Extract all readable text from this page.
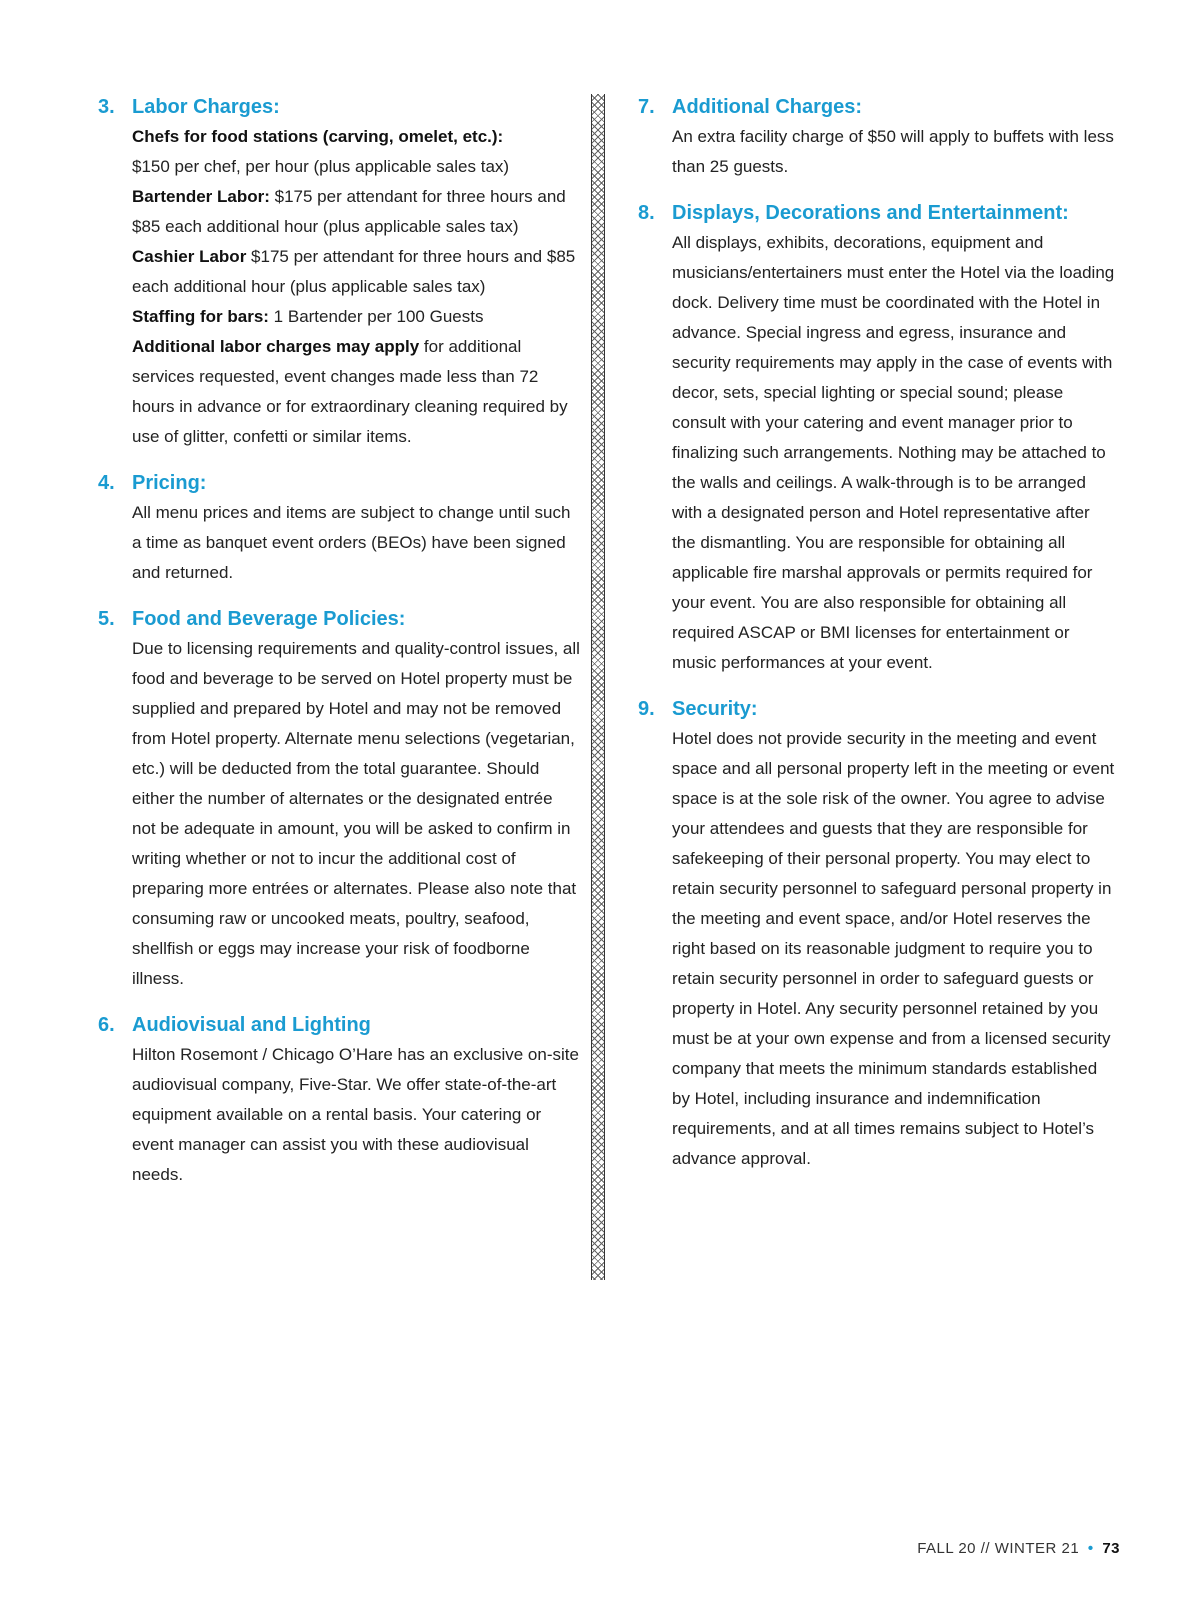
3. Labor Charges:

Chefs for food stations (carving, omelet, etc.):
$150 per chef, per hour (plus applicable sales tax)

Bartender Labor: $175 per attendant for three hours and $85 each additional hour (plus applicable sales tax)

Cashier Labor $175 per attendant for three hours and $85 each additional hour (plus applicable sales tax)

Staffing for bars: 1 Bartender per 100 Guests

Additional labor charges may apply for additional services requested, event changes made less than 72 hours in advance or for extraordinary cleaning required by use of glitter, confetti or similar items.

4. Pricing:

All menu prices and items are subject to change until such a time as banquet event orders (BEOs) have been signed and returned.

5. Food and Beverage Policies:

Due to licensing requirements and quality-control issues, all food and beverage to be served on Hotel property must be supplied and prepared by Hotel and may not be removed from Hotel property. Alternate menu selections (vegetarian, etc.) will be deducted from the total guarantee. Should either the number of alternates or the designated entrée not be adequate in amount, you will be asked to confirm in writing whether or not to incur the additional cost of preparing more entrées or alternates. Please also note that consuming raw or uncooked meats, poultry, seafood, shellfish or eggs may increase your risk of foodborne illness.

6. Audiovisual and Lighting

Hilton Rosemont / Chicago O’Hare has an exclusive on-site audiovisual company, Five-Star. We offer state-of-the-art equipment available on a rental basis. Your catering or event manager can assist you with these audiovisual needs.

7. Additional Charges:

An extra facility charge of $50 will apply to buffets with less than 25 guests.

8. Displays, Decorations and Entertainment:

All displays, exhibits, decorations, equipment and musicians/entertainers must enter the Hotel via the loading dock. Delivery time must be coordinated with the Hotel in advance. Special ingress and egress, insurance and security requirements may apply in the case of events with decor, sets, special lighting or special sound; please consult with your catering and event manager prior to finalizing such arrangements. Nothing may be attached to the walls and ceilings. A walk-through is to be arranged with a designated person and Hotel representative after the dismantling. You are responsible for obtaining all applicable fire marshal approvals or permits required for your event. You are also responsible for obtaining all required ASCAP or BMI licenses for entertainment or music performances at your event.

9. Security:

Hotel does not provide security in the meeting and event space and all personal property left in the meeting or event space is at the sole risk of the owner. You agree to advise your attendees and guests that they are responsible for safekeeping of their personal property. You may elect to retain security personnel to safeguard personal property in the meeting and event space, and/or Hotel reserves the right based on its reasonable judgment to require you to retain security personnel in order to safeguard guests or property in Hotel. Any security personnel retained by you must be at your own expense and from a licensed security company that meets the minimum standards established by Hotel, including insurance and indemnification requirements, and at all times remains subject to Hotel’s advance approval.

FALL 20 // WINTER 21 • 73
